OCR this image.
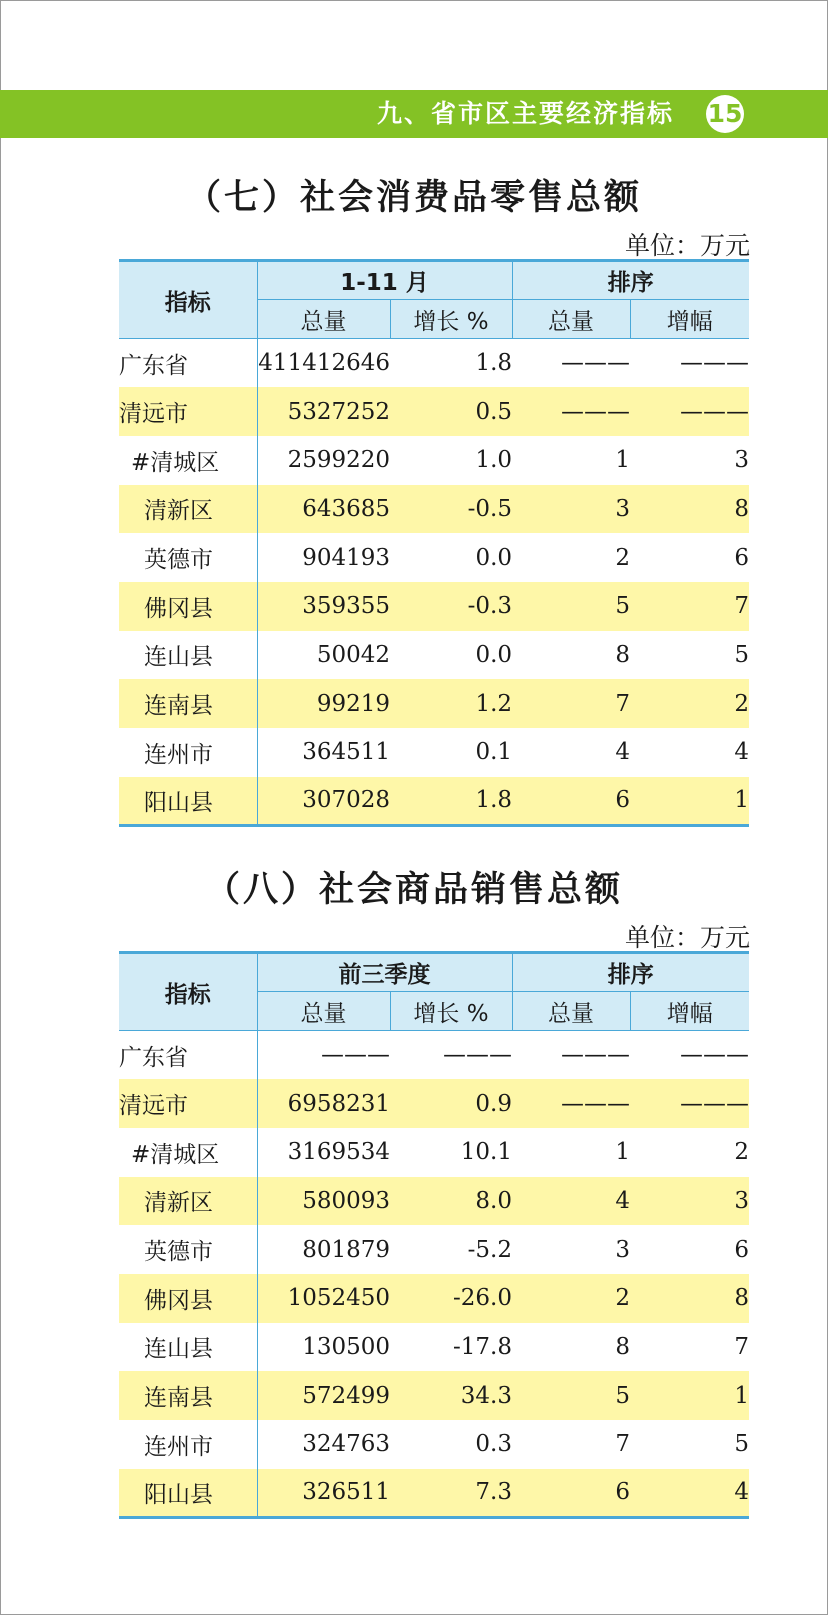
九、省市区主要经济指标 15
（七）社会消费品零售总额
单位：万元
指标	1-11 月		排序	
	总量	增长 %	总量	增幅
广东省	411412646	1.8	———	———
清远市	5327252	0.5	———	———
#清城区	2599220	1.0	1	3
清新区	643685	-0.5	3	8
英德市	904193	0.0	2	6
佛冈县	359355	-0.3	5	7
连山县	50042	0.0	8	5
连南县	99219	1.2	7	2
连州市	364511	0.1	4	4
阳山县	307028	1.8	6	1
（八）社会商品销售总额
单位：万元
指标	前三季度		排序	
	总量	增长 %	总量	增幅
广东省	———	———	———	———
清远市	6958231	0.9	———	———
#清城区	3169534	10.1	1	2
清新区	580093	8.0	4	3
英德市	801879	-5.2	3	6
佛冈县	1052450	-26.0	2	8
连山县	130500	-17.8	8	7
连南县	572499	34.3	5	1
连州市	324763	0.3	7	5
阳山县	326511	7.3	6	4
